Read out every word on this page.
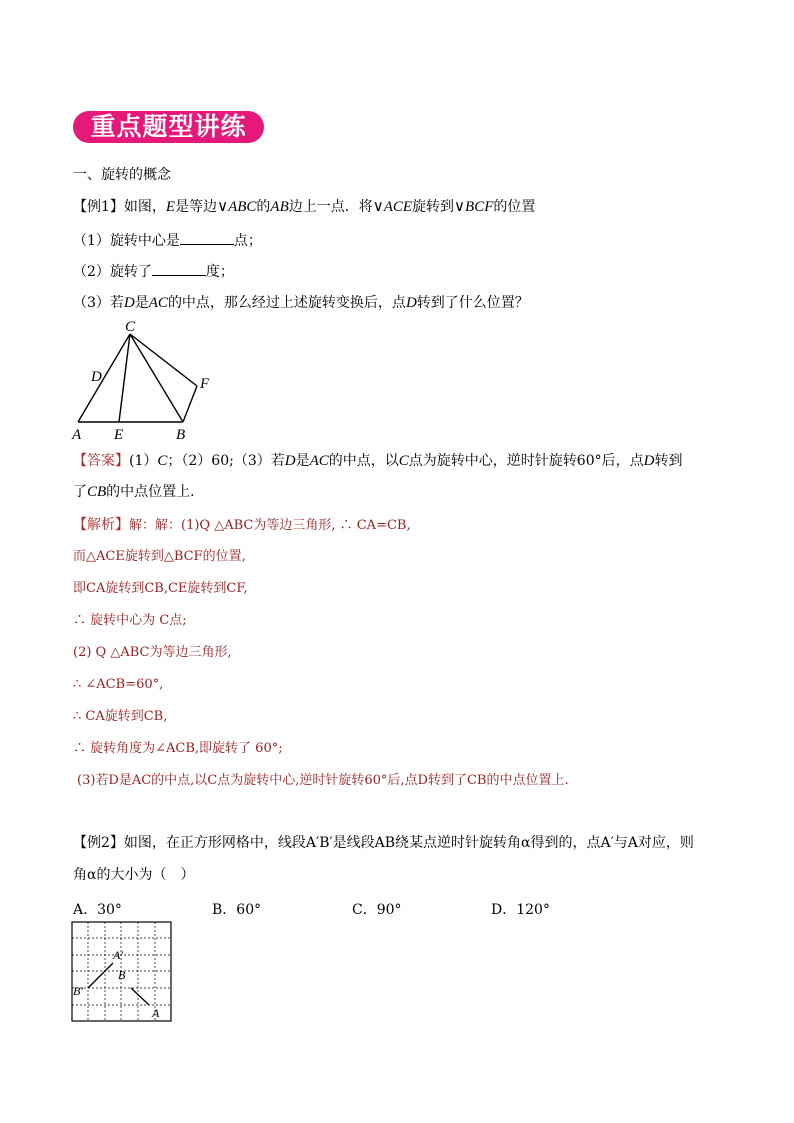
重点题型讲练
一、旋转的概念
【例1】如图，E是等边∨ABC的AB边上一点．将∨ACE旋转到∨BCF的位置
（1）旋转中心是	点；
（2）旋转了	度；
（3）若D是AC的中点，那么经过上述旋转变换后，点D转到了什么位置？
C
D	F
A E	B
【答案】(1）C；（2）60;（3）若D是AC的中点，以C点为旋转中心，逆时针旋转60°后，点D转到
了CB的中点位置上．
【解析】解：解：(1)Q △ABC为等边三角形, ∴ CA=CB,
而△ACE旋转到△BCF的位置,
即CA旋转到CB,CE旋转到CF,
∴ 旋转中心为 C点;
(2) Q △ABC为等边三角形,
∴ ∠ACB=60°,
∴ CA旋转到CB,
∴ 旋转角度为∠ACB,即旋转了 60°;
(3)若D是AC的中点,以C点为旋转中心,逆时针旋转60°后,点D转到了CB的中点位置上.
【例2】如图，在正方形网格中，线段A′B′是线段AB绕某点逆时针旋转角α得到的，点A′与A对应，则
角α的大小为（　）
A．30°	B．60°	C．90°	D．120°
A′
B
B′
A
